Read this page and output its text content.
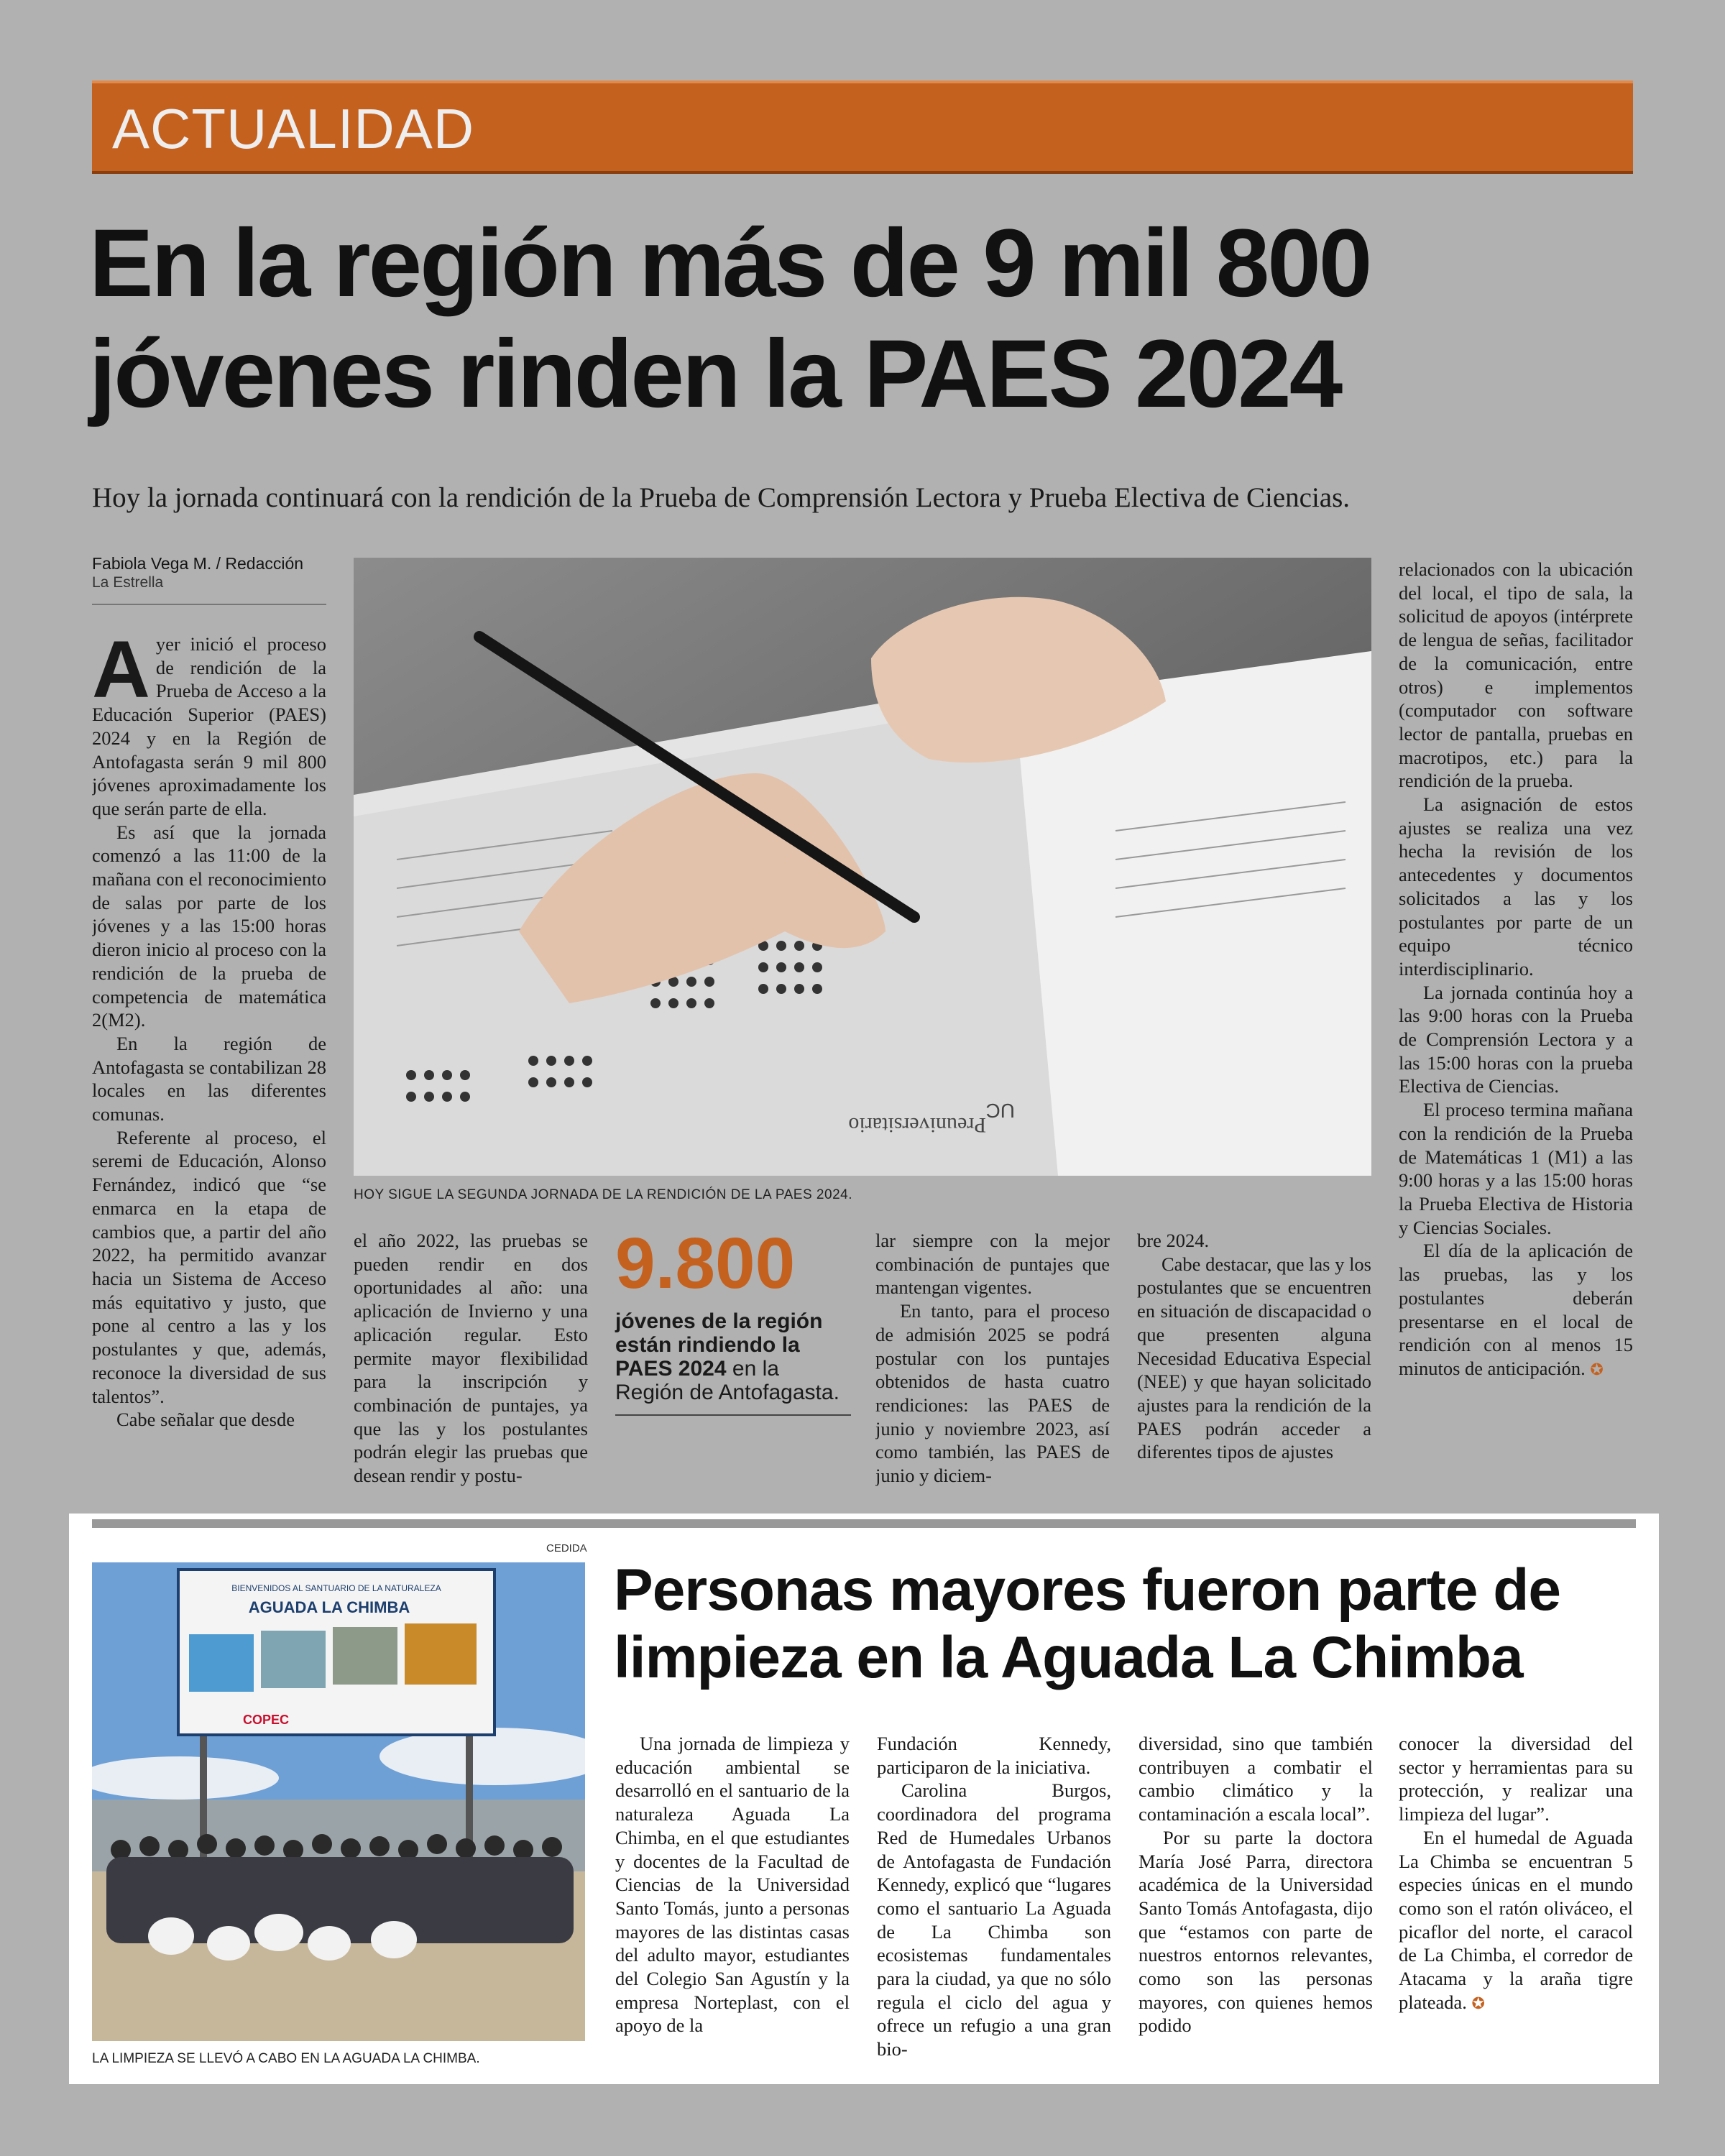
ACTUALIDAD
En la región más de 9 mil 800 jóvenes rinden la PAES 2024
Hoy la jornada continuará con la rendición de la Prueba de Comprensión Lectora y Prueba Electiva de Ciencias.
Fabiola Vega M. / Redacción
La Estrella

Ayer inició el proceso de rendición de la Prueba de Acceso a la Educación Superior (PAES) 2024 y en la Región de Antofagasta serán 9 mil 800 jóvenes aproximadamente los que serán parte de ella.

Es así que la jornada comenzó a las 11:00 de la mañana con el reconocimiento de salas por parte de los jóvenes y a las 15:00 horas dieron inicio al proceso con la rendición de la prueba de competencia de matemática 2(M2).

En la región de Antofagasta se contabilizan 28 locales en las diferentes comunas.

Referente al proceso, el seremi de Educación, Alonso Fernández, indicó que “se enmarca en la etapa de cambios que, a partir del año 2022, ha permitido avanzar hacia un Sistema de Acceso más equitativo y justo, que pone al centro a las y los postulantes y que, además, reconoce la diversidad de sus talentos”.

Cabe señalar que desde

Preuniversitario
UC
HOY SIGUE LA SEGUNDA JORNADA DE LA RENDICIÓN DE LA PAES 2024.

el año 2022, las pruebas se pueden rendir en dos oportunidades al año: una aplicación de Invierno y una aplicación regular. Esto permite mayor flexibilidad para la inscripción y combinación de puntajes, ya que las y los postulantes podrán elegir las pruebas que desean rendir y postu-

9.800
jóvenes de la región están rindiendo la PAES 2024 en la Región de Antofagasta.

lar siempre con la mejor combinación de puntajes que mantengan vigentes.

En tanto, para el proceso de admisión 2025 se podrá postular con los puntajes obtenidos de hasta cuatro rendiciones: las PAES de junio y noviembre 2023, así como también, las PAES de junio y diciem-

bre 2024.

Cabe destacar, que las y los postulantes que se encuentren en situación de discapacidad o que presenten alguna Necesidad Educativa Especial (NEE) y que hayan solicitado ajustes para la rendición de la PAES podrán acceder a diferentes tipos de ajustes

relacionados con la ubicación del local, el tipo de sala, la solicitud de apoyos (intérprete de lengua de señas, facilitador de la comunicación, entre otros) e implementos (computador con software lector de pantalla, pruebas en macrotipos, etc.) para la rendición de la prueba.

La asignación de estos ajustes se realiza una vez hecha la revisión de los antecedentes y documentos solicitados a las y los postulantes por parte de un equipo técnico interdisciplinario.

La jornada continúa hoy a las 9:00 horas con la Prueba de Comprensión Lectora y a las 15:00 horas con la prueba Electiva de Ciencias.

El proceso termina mañana con la rendición de la Prueba de Matemáticas 1 (M1) a las 9:00 horas y a las 15:00 horas la Prueba Electiva de Historia y Ciencias Sociales.

El día de la aplicación de las pruebas, las y los postulantes deberán presentarse en el local de rendición con al menos 15 minutos de anticipación. ✪

CEDIDA
BIENVENIDOS AL SANTUARIO DE LA NATURALEZA
AGUADA LA CHIMBA
COPEC
LA LIMPIEZA SE LLEVÓ A CABO EN LA AGUADA LA CHIMBA.
Personas mayores fueron parte de limpieza en la Aguada La Chimba

Una jornada de limpieza y educación ambiental se desarrolló en el santuario de la naturaleza Aguada La Chimba, en el que estudiantes y docentes de la Facultad de Ciencias de la Universidad Santo Tomás, junto a personas mayores de las distintas casas del adulto mayor, estudiantes del Colegio San Agustín y la empresa Norteplast, con el apoyo de la

Fundación Kennedy, participaron de la iniciativa.

Carolina Burgos, coordinadora del programa Red de Humedales Urbanos de Antofagasta de Fundación Kennedy, explicó que “lugares como el santuario La Aguada de La Chimba son ecosistemas fundamentales para la ciudad, ya que no sólo regula el ciclo del agua y ofrece un refugio a una gran bio-

diversidad, sino que también contribuyen a combatir el cambio climático y la contaminación a escala local”.

Por su parte la doctora María José Parra, directora académica de la Universidad Santo Tomás Antofagasta, dijo que “estamos con parte de nuestros entornos relevantes, como son las personas mayores, con quienes hemos podido

conocer la diversidad del sector y herramientas para su protección, y realizar una limpieza del lugar”.

En el humedal de Aguada La Chimba se encuentran 5 especies únicas en el mundo como son el ratón oliváceo, el picaflor del norte, el caracol de La Chimba, el corredor de Atacama y la araña tigre plateada. ✪
